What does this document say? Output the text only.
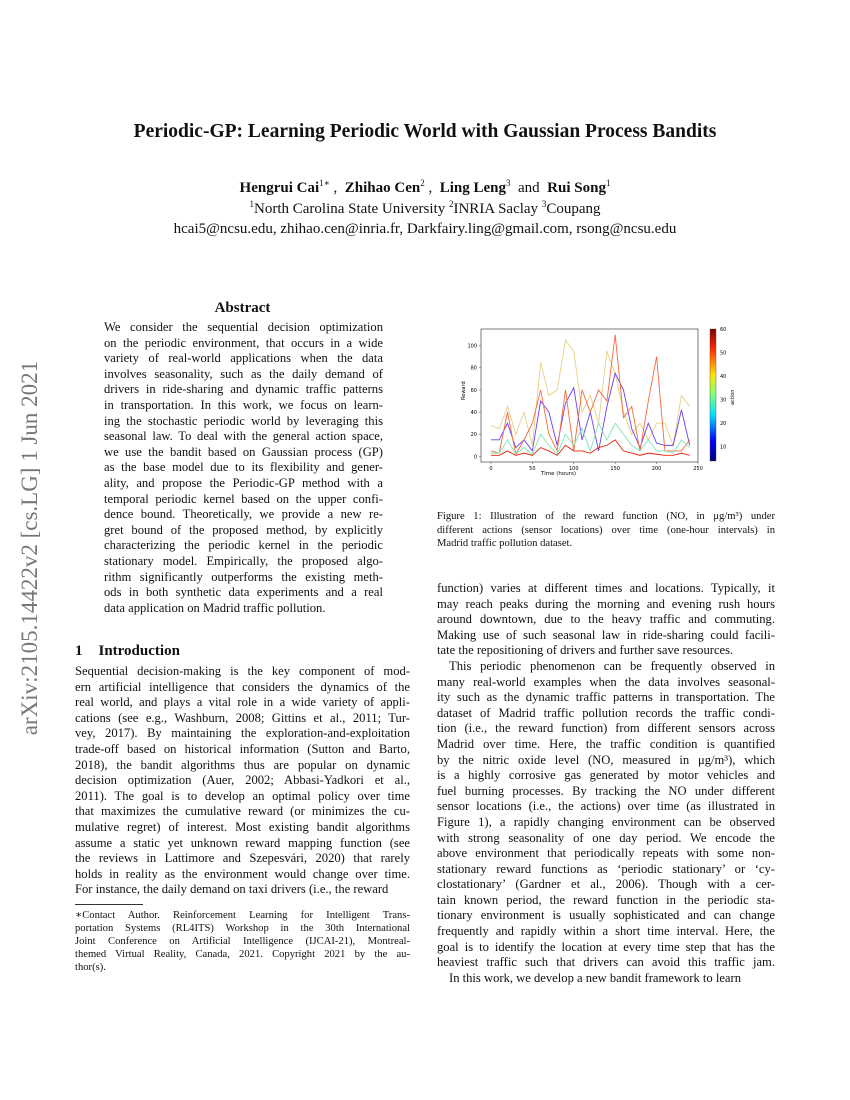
arXiv:2105.14422v2 [cs.LG] 1 Jun 2021
Periodic-GP: Learning Periodic World with Gaussian Process Bandits
Hengrui Cai$^{1∗}$ ,  Zhihao Cen$^2$ ,  Ling Leng$^3$ and Rui Song$^1$
$^1$North Carolina State University $^2$INRIA Saclay $^3$Coupang
hcai5@ncsu.edu, zhihao.cen@inria.fr, Darkfairy.ling@gmail.com, rsong@ncsu.edu
Abstract
We consider the sequential decision optimization
on the periodic environment, that occurs in a wide
variety of real-world applications when the data
involves seasonality, such as the daily demand of
drivers in ride-sharing and dynamic traffic patterns
in transportation. In this work, we focus on learn-
ing the stochastic periodic world by leveraging this
seasonal law. To deal with the general action space,
we use the bandit based on Gaussian process (GP)
as the base model due to its flexibility and gener-
ality, and propose the Periodic-GP method with a
temporal periodic kernel based on the upper confi-
dence bound. Theoretically, we provide a new re-
gret bound of the proposed method, by explicitly
characterizing the periodic kernel in the periodic
stationary model. Empirically, the proposed algo-
rithm significantly outperforms the existing meth-
ods in both synthetic data experiments and a real
data application on Madrid traffic pollution.
1 Introduction
Sequential decision-making is the key component of mod-
ern artificial intelligence that considers the dynamics of the
real world, and plays a vital role in a wide variety of appli-
cations (see e.g., Washburn, 2008; Gittins et al., 2011; Tur-
vey, 2017). By maintaining the exploration-and-exploitation
trade-off based on historical information (Sutton and Barto,
2018), the bandit algorithms thus are popular on dynamic
decision optimization (Auer, 2002; Abbasi-Yadkori et al.,
2011). The goal is to develop an optimal policy over time
that maximizes the cumulative reward (or minimizes the cu-
mulative regret) of interest. Most existing bandit algorithms
assume a static yet unknown reward mapping function (see
the reviews in Lattimore and Szepesvári, 2020) that rarely
holds in reality as the environment would change over time.
For instance, the daily demand on taxi drivers (i.e., the reward
∗Contact Author. Reinforcement Learning for Intelligent Trans-
portation Systems (RL4ITS) Workshop in the 30th International
Joint Conference on Artificial Intelligence (IJCAI-21), Montreal-
themed Virtual Reality, Canada, 2021. Copyright 2021 by the au-
thor(s).
Time (hours)
Reward	action
0	50	100	150	200	250
0
20
40
60
80
100
10
20
30
40
50
60
Figure 1: Illustration of the reward function (NO, in μg/m³) under
different actions (sensor locations) over time (one-hour intervals) in
Madrid traffic pollution dataset.
function) varies at different times and locations. Typically, it
may reach peaks during the morning and evening rush hours
around downtown, due to the heavy traffic and commuting.
Making use of such seasonal law in ride-sharing could facili-
tate the repositioning of drivers and further save resources.
This periodic phenomenon can be frequently observed in
many real-world examples when the data involves seasonal-
ity such as the dynamic traffic patterns in transportation. The
dataset of Madrid traffic pollution records the traffic condi-
tion (i.e., the reward function) from different sensors across
Madrid over time. Here, the traffic condition is quantified
by the nitric oxide level (NO, measured in μg/m³), which
is a highly corrosive gas generated by motor vehicles and
fuel burning processes. By tracking the NO under different
sensor locations (i.e., the actions) over time (as illustrated in
Figure 1), a rapidly changing environment can be observed
with strong seasonality of one day period. We encode the
above environment that periodically repeats with some non-
stationary reward functions as ‘periodic stationary’ or ‘cy-
clostationary’ (Gardner et al., 2006). Though with a cer-
tain known period, the reward function in the periodic sta-
tionary environment is usually sophisticated and can change
frequently and rapidly within a short time interval. Here, the
goal is to identify the location at every time step that has the
heaviest traffic such that drivers can avoid this traffic jam.
In this work, we develop a new bandit framework to learn
